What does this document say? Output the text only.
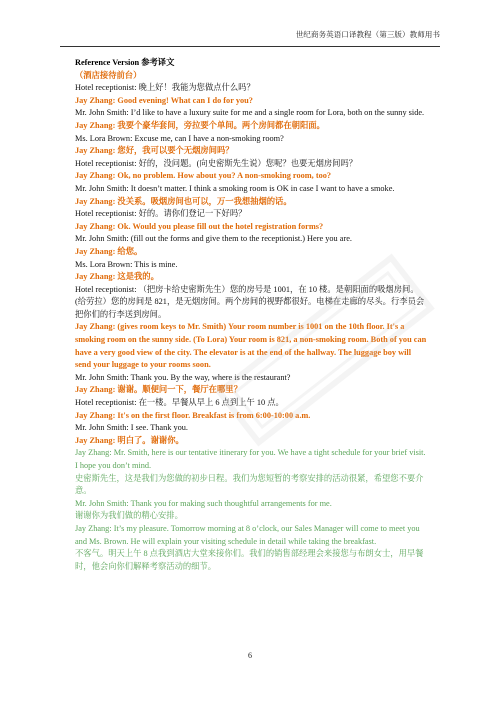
世纪商务英语口译教程（第三版）教师用书

Reference Version 参考译文

（酒店接待前台）

Hotel receptionist: 晚上好！我能为您做点什么吗？

Jay Zhang: Good evening! What can I do for you?

Mr. John Smith: I’d like to have a luxury suite for me and a single room for Lora, both on the sunny side.

Jay Zhang: 我要个豪华套间，旁拉要个单间。两个房间都在朝阳面。

Ms. Lora Brown: Excuse me, can I have a non-smoking room?

Jay Zhang: 您好，我可以要个无烟房间吗？

Hotel receptionist: 好的，没问题。(向史密斯先生说）您呢？也要无烟房间吗？

Jay Zhang: Ok, no problem. How about you? A non-smoking room, too?

Mr. John Smith: It doesn’t matter. I think a smoking room is OK in case I want to have a smoke.

Jay Zhang: 没关系。吸烟房间也可以，万一我想抽烟的话。

Hotel receptionist: 好的。请你们登记一下好吗？

Jay Zhang: Ok. Would you please fill out the hotel registration forms?

Mr. John Smith: (fill out the forms and give them to the receptionist.) Here you are.

Jay Zhang: 给您。

Ms. Lora Brown: This is mine.

Jay Zhang: 这是我的。

Hotel receptionist: （把房卡给史密斯先生）您的房号是 1001，在 10 楼。是朝阳面的吸烟房间。(给劳拉）您的房间是 821，是无烟房间。两个房间的视野都很好。电梯在走廊的尽头。行李员会把你们的行李送到房间。

Jay Zhang: (gives room keys to Mr. Smith) Your room number is 1001 on the 10th floor. It's a smoking room on the sunny side. (To Lora) Your room is 821, a non-smoking room. Both of you can have a very good view of the city. The elevator is at the end of the hallway. The luggage boy will send your luggage to your rooms soon.

Mr. John Smith: Thank you. By the way, where is the restaurant?

Jay Zhang: 谢谢。顺便问一下，餐厅在哪里？

Hotel receptionist: 在一楼。早餐从早上 6 点到上午 10 点。

Jay Zhang: It's on the first floor. Breakfast is from 6:00-10:00 a.m.

Mr. John Smith: I see. Thank you.

Jay Zhang: 明白了。谢谢你。

Jay Zhang: Mr. Smith, here is our tentative itinerary for you. We have a tight schedule for your brief visit. I hope you don’t mind.

史密斯先生，这是我们为您做的初步日程。我们为您短暂的考察安排的活动很紧，希望您不要介意。

Mr. John Smith: Thank you for making such thoughtful arrangements for me.

谢谢你为我们做的精心安排。

Jay Zhang: It’s my pleasure. Tomorrow morning at 8 o’clock, our Sales Manager will come to meet you and Ms. Brown. He will explain your visiting schedule in detail while taking the breakfast.

不客气。明天上午 8 点我到酒店大堂来接你们。我们的销售部经理会来接您与布朗女士，用早餐时，他会向你们解释考察活动的细节。

6
